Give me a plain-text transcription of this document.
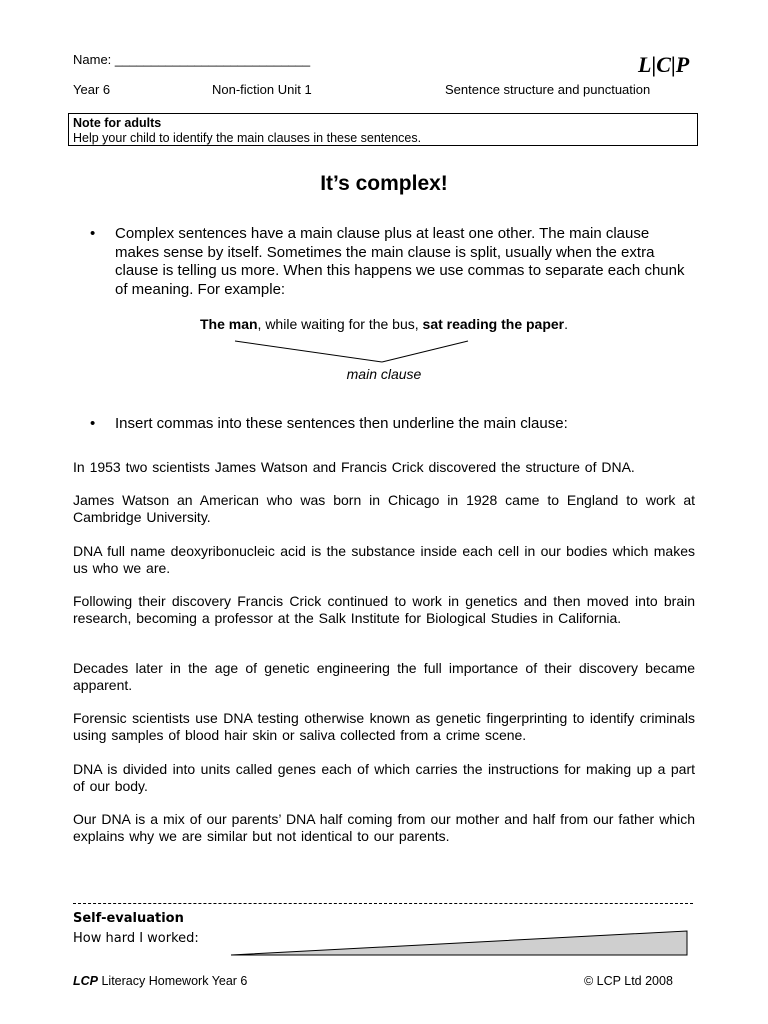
Name: ___________________________	L|C|P
Year 6	Non-fiction Unit 1	Sentence structure and punctuation
Note for adults
Help your child to identify the main clauses in these sentences.
It’s complex!
•	Complex sentences have a main clause plus at least one other. The main clause makes sense by itself. Sometimes the main clause is split, usually when the extra clause is telling us more. When this happens we use commas to separate each chunk of meaning. For example:
The man, while waiting for the bus, sat reading the paper.
main clause
•	Insert commas into these sentences then underline the main clause:
In 1953 two scientists James Watson and Francis Crick discovered the structure of DNA.
James Watson an American who was born in Chicago in 1928 came to England to work at Cambridge University.
DNA full name deoxyribonucleic acid is the substance inside each cell in our bodies which makes us who we are.
Following their discovery Francis Crick continued to work in genetics and then moved into brain research, becoming a professor at the Salk Institute for Biological Studies in California.
Decades later in the age of genetic engineering the full importance of their discovery became apparent.
Forensic scientists use DNA testing otherwise known as genetic fingerprinting to identify criminals using samples of blood hair skin or saliva collected from a crime scene.
DNA is divided into units called genes each of which carries the instructions for making up a part of our body.
Our DNA is a mix of our parents’ DNA half coming from our mother and half from our father which explains why we are similar but not identical to our parents.
Self-evaluation
How hard I worked:
LCP Literacy Homework Year 6	© LCP Ltd 2008
